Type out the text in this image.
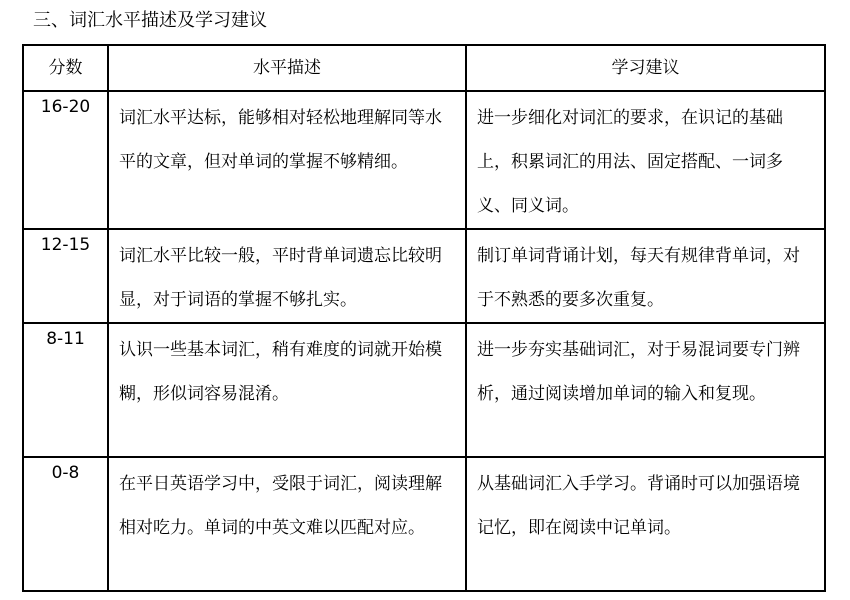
三、词汇水平描述及学习建议
分数	水平描述	学习建议
16-20	词汇水平达标，能够相对轻松地理解同等水平的文章，但对单词的掌握不够精细。	进一步细化对词汇的要求，在识记的基础上，积累词汇的用法、固定搭配、一词多义、同义词。
12-15	词汇水平比较一般，平时背单词遗忘比较明显，对于词语的掌握不够扎实。	制订单词背诵计划，每天有规律背单词，对于不熟悉的要多次重复。
8-11	认识一些基本词汇，稍有难度的词就开始模糊，形似词容易混淆。	进一步夯实基础词汇，对于易混词要专门辨析，通过阅读增加单词的输入和复现。
0-8	在平日英语学习中，受限于词汇，阅读理解相对吃力。单词的中英文难以匹配对应。	从基础词汇入手学习。背诵时可以加强语境记忆，即在阅读中记单词。
